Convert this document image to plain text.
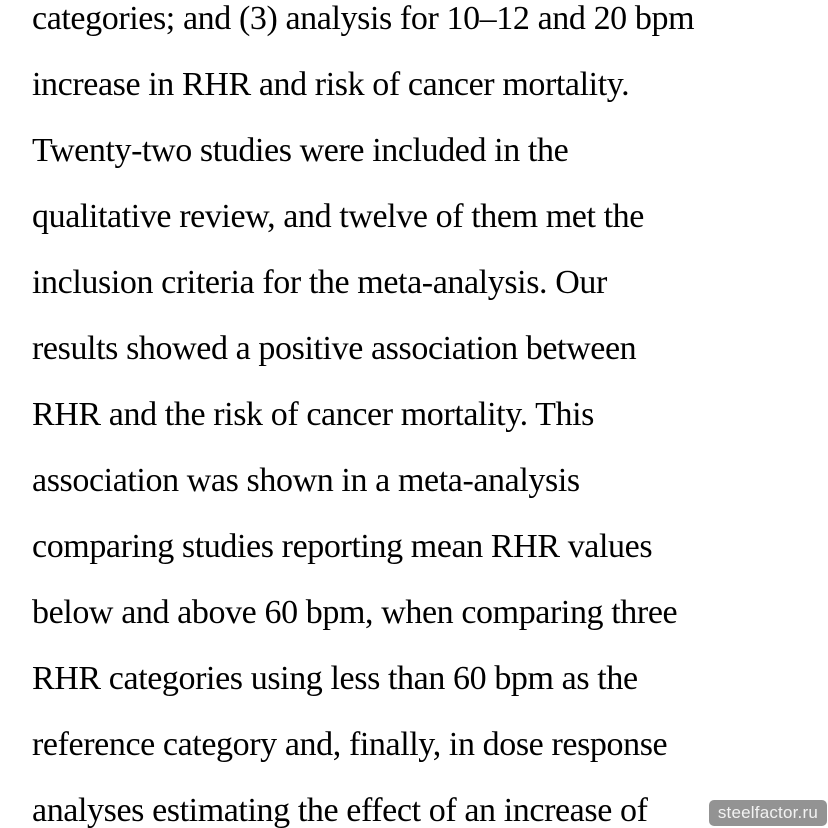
categories; and (3) analysis for 10–12 and 20 bpm

increase in RHR and risk of cancer mortality.

Twenty-two studies were included in the

qualitative review, and twelve of them met the

inclusion criteria for the meta-analysis. Our

results showed a positive association between

RHR and the risk of cancer mortality. This

association was shown in a meta-analysis

comparing studies reporting mean RHR values

below and above 60 bpm, when comparing three

RHR categories using less than 60 bpm as the

reference category and, finally, in dose response

analyses estimating the effect of an increase of	steelfactor.ru
